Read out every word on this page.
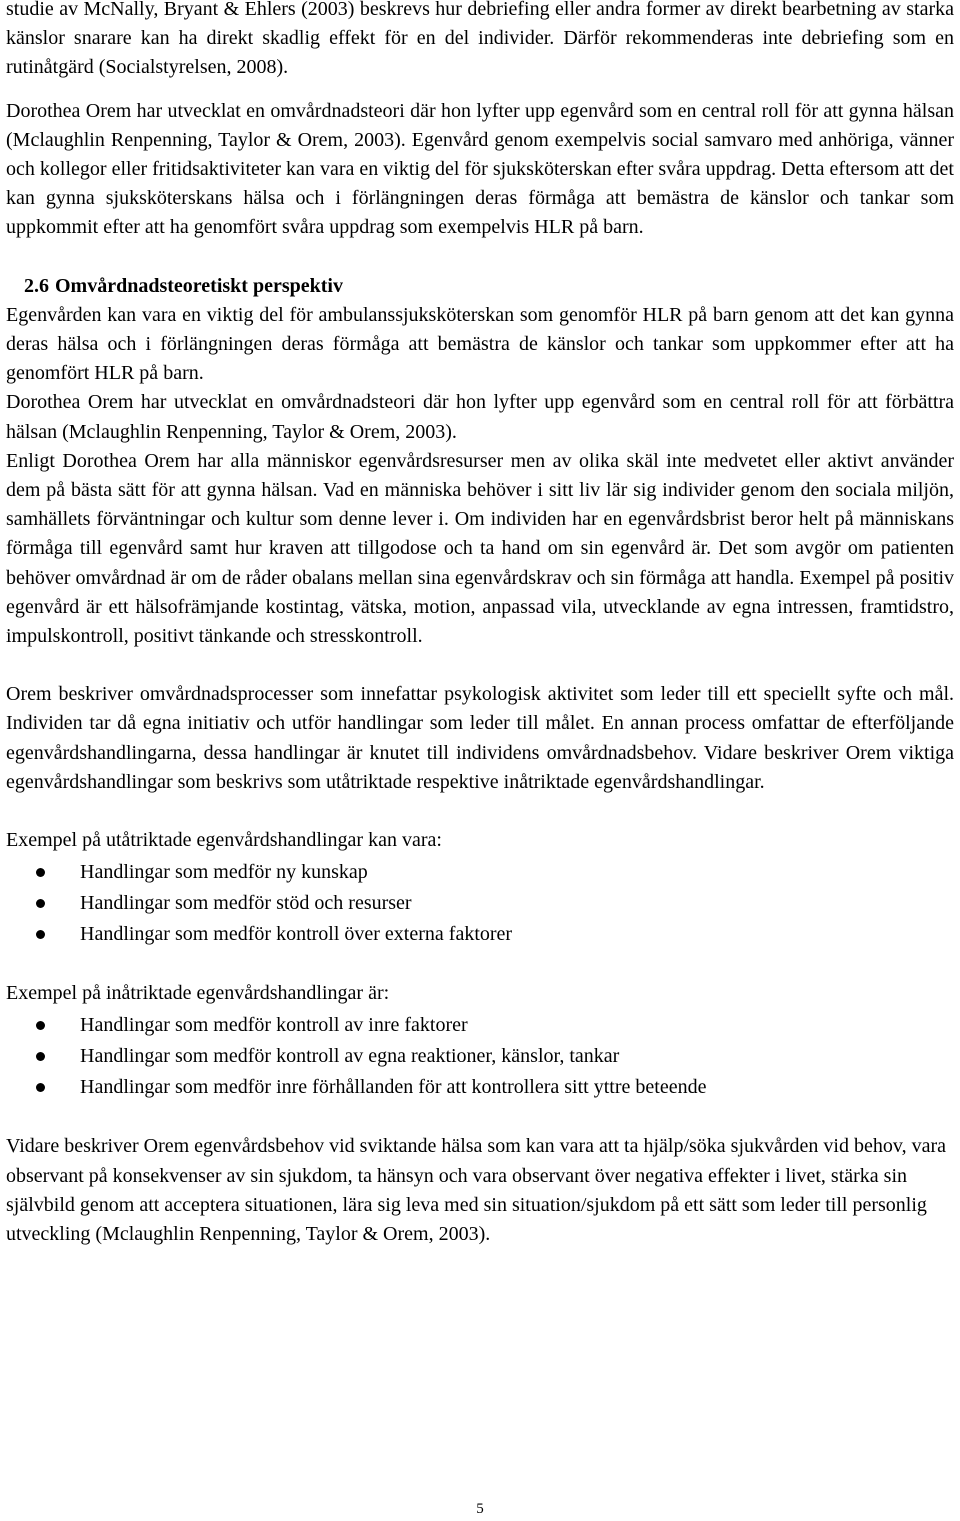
studie av McNally, Bryant & Ehlers (2003) beskrevs hur debriefing eller andra former av direkt bearbetning av starka känslor snarare kan ha direkt skadlig effekt för en del individer. Därför rekommenderas inte debriefing som en rutinåtgärd (Socialstyrelsen, 2008).

Dorothea Orem har utvecklat en omvårdnadsteori där hon lyfter upp egenvård som en central roll för att gynna hälsan (Mclaughlin Renpenning, Taylor & Orem, 2003). Egenvård genom exempelvis social samvaro med anhöriga, vänner och kollegor eller fritidsaktiviteter kan vara en viktig del för sjuksköterskan efter svåra uppdrag. Detta eftersom att det kan gynna sjuksköterskans hälsa och i förlängningen deras förmåga att bemästra de känslor och tankar som uppkommit efter att ha genomfört svåra uppdrag som exempelvis HLR på barn.

2.6 Omvårdnadsteoretiskt perspektiv

Egenvården kan vara en viktig del för ambulanssjuksköterskan som genomför HLR på barn genom att det kan gynna deras hälsa och i förlängningen deras förmåga att bemästra de känslor och tankar som uppkommer efter att ha genomfört HLR på barn.

Dorothea Orem har utvecklat en omvårdnadsteori där hon lyfter upp egenvård som en central roll för att förbättra hälsan (Mclaughlin Renpenning, Taylor & Orem, 2003).

Enligt Dorothea Orem har alla människor egenvårdsresurser men av olika skäl inte medvetet eller aktivt använder dem på bästa sätt för att gynna hälsan. Vad en människa behöver i sitt liv lär sig individer genom den sociala miljön, samhällets förväntningar och kultur som denne lever i. Om individen har en egenvårdsbrist beror helt på människans förmåga till egenvård samt hur kraven att tillgodose och ta hand om sin egenvård är. Det som avgör om patienten behöver omvårdnad är om de råder obalans mellan sina egenvårdskrav och sin förmåga att handla. Exempel på positiv egenvård är ett hälsofrämjande kostintag, vätska, motion, anpassad vila, utvecklande av egna intressen, framtidstro, impulskontroll, positivt tänkande och stresskontroll.

Orem beskriver omvårdnadsprocesser som innefattar psykologisk aktivitet som leder till ett speciellt syfte och mål. Individen tar då egna initiativ och utför handlingar som leder till målet. En annan process omfattar de efterföljande egenvårdshandlingarna, dessa handlingar är knutet till individens omvårdnadsbehov. Vidare beskriver Orem viktiga egenvårdshandlingar som beskrivs som utåtriktade respektive inåtriktade egenvårdshandlingar.

Exempel på utåtriktade egenvårdshandlingar kan vara:

Handlingar som medför ny kunskap
Handlingar som medför stöd och resurser
Handlingar som medför kontroll över externa faktorer

Exempel på inåtriktade egenvårdshandlingar är:

Handlingar som medför kontroll av inre faktorer
Handlingar som medför kontroll av egna reaktioner, känslor, tankar
Handlingar som medför inre förhållanden för att kontrollera sitt yttre beteende

Vidare beskriver Orem egenvårdsbehov vid sviktande hälsa som kan vara att ta hjälp/söka sjukvården vid behov, vara observant på konsekvenser av sin sjukdom, ta hänsyn och vara observant över negativa effekter i livet, stärka sin självbild genom att acceptera situationen, lära sig leva med sin situation/sjukdom på ett sätt som leder till personlig utveckling (Mclaughlin Renpenning, Taylor & Orem, 2003).

5
